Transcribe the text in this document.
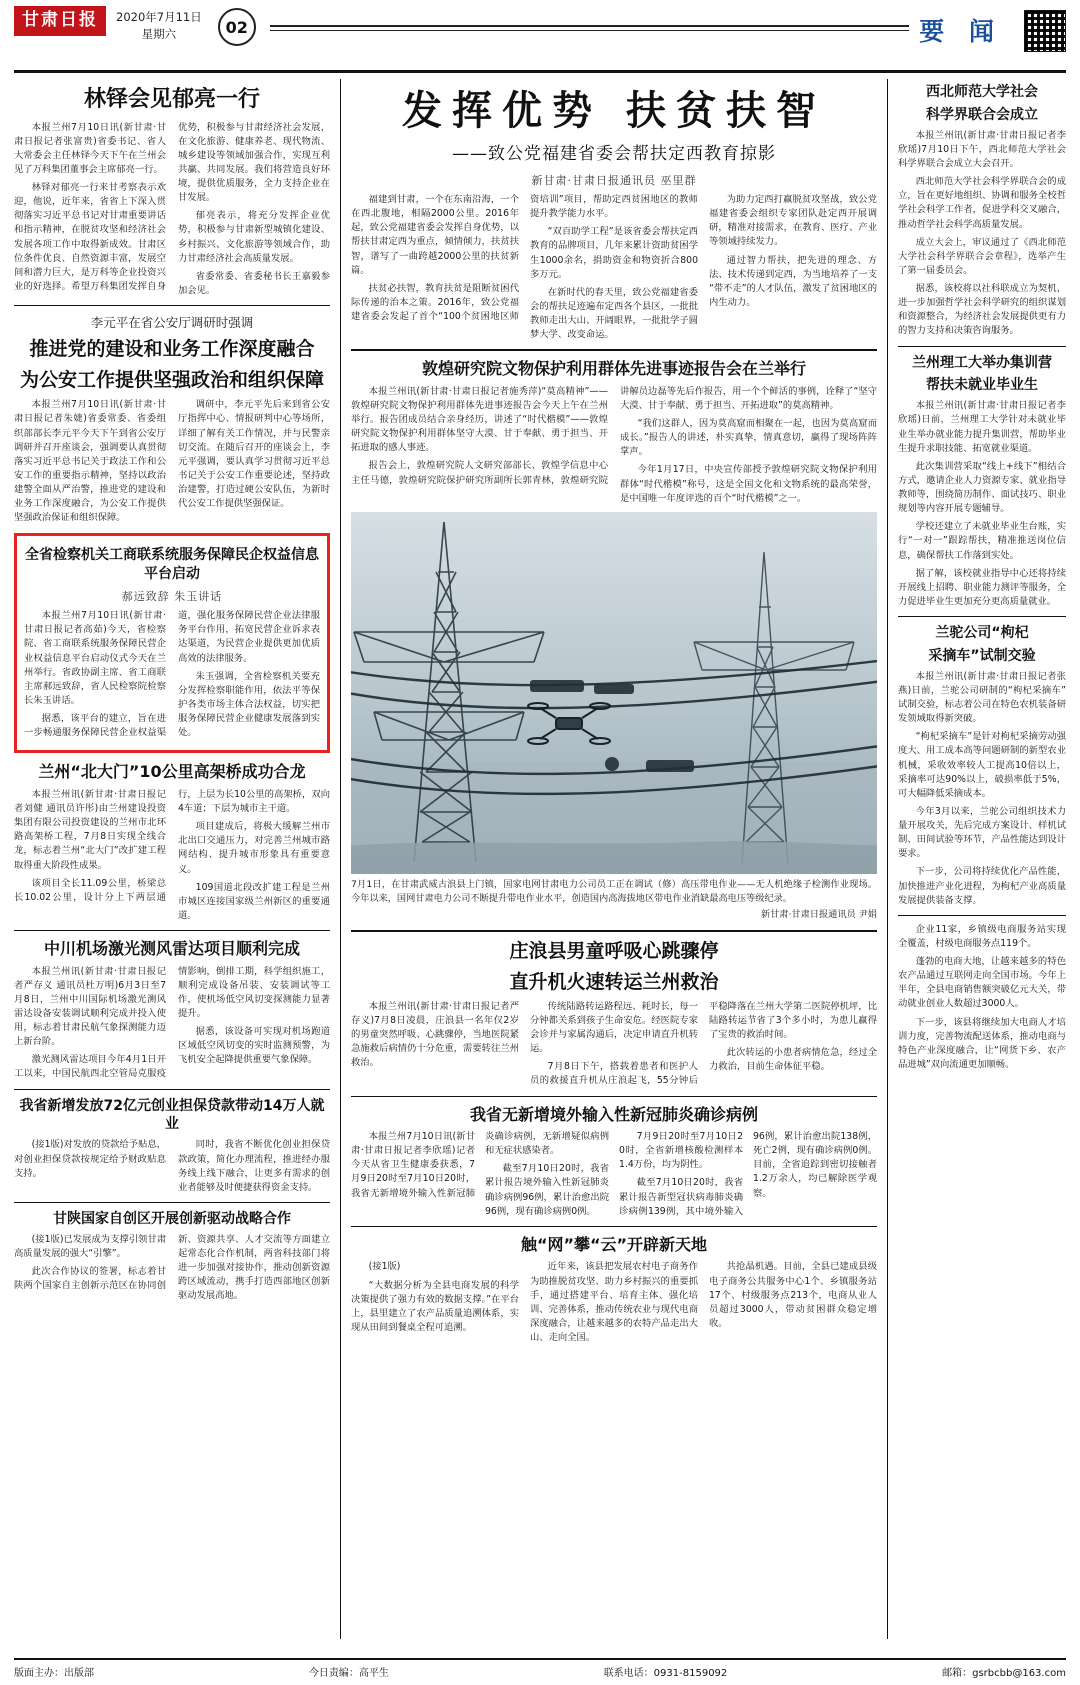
甘肃日报	2020年7月11日
星期六	02	要 闻
林铎会见郁亮一行

本报兰州7月10日讯(新甘肃·甘肃日报记者张富贵)省委书记、省人大常委会主任林铎今天下午在兰州会见了万科集团董事会主席郁亮一行。

林铎对郁亮一行来甘考察表示欢迎，他说，近年来，省省上下深入贯彻落实习近平总书记对甘肃重要讲话和指示精神，在脱贫攻坚和经济社会发展各项工作中取得新成效。甘肃区位条件优良、自然资源丰富，发展空间和潜力巨大，是万科等企业投资兴业的好选择。希望万科集团发挥自身优势，积极参与甘肃经济社会发展，在文化旅游、健康养老、现代物流、城乡建设等领域加强合作，实现互利共赢、共同发展。我们将营造良好环境，提供优质服务，全力支持企业在甘发展。

郁亮表示，将充分发挥企业优势，积极参与甘肃新型城镇化建设、乡村振兴、文化旅游等领域合作，助力甘肃经济社会高质量发展。

省委常委、省委秘书长王嘉毅参加会见。

李元平在省公安厅调研时强调
推进党的建设和业务工作深度融合
为公安工作提供坚强政治和组织保障

本报兰州7月10日讯(新甘肃·甘肃日报记者朱婕)省委常委、省委组织部部长李元平今天下午到省公安厅调研并召开座谈会，强调要认真贯彻落实习近平总书记关于政法工作和公安工作的重要指示精神，坚持以政治建警全面从严治警，推进党的建设和业务工作深度融合，为公安工作提供坚强政治保证和组织保障。

调研中，李元平先后来到省公安厅指挥中心、情报研判中心等场所，详细了解有关工作情况，并与民警亲切交流。在随后召开的座谈会上，李元平强调，要认真学习贯彻习近平总书记关于公安工作重要论述，坚持政治建警，打造过硬公安队伍，为新时代公安工作提供坚强保证。

全省检察机关工商联系统服务保障民企权益信息平台启动
郝远致辞 朱玉讲话

本报兰州7月10日讯(新甘肃·甘肃日报记者高茹)今天，省检察院、省工商联系统服务保障民营企业权益信息平台启动仪式今天在兰州举行。省政协副主席、省工商联主席郝远致辞，省人民检察院检察长朱玉讲话。

据悉，该平台的建立，旨在进一步畅通服务保障民营企业权益渠道，强化服务保障民营企业法律服务平台作用，拓宽民营企业诉求表达渠道，为民营企业提供更加优质高效的法律服务。

朱玉强调，全省检察机关要充分发挥检察职能作用，依法平等保护各类市场主体合法权益，切实把服务保障民营企业健康发展落到实处。

兰州“北大门”10公里高架桥成功合龙

本报兰州讯(新甘肃·甘肃日报记者刘健 通讯员许彤)由兰州建设投资集团有限公司投资建设的兰州市北环路高架桥工程，7月8日实现全线合龙，标志着兰州“北大门”改扩建工程取得重大阶段性成果。

该项目全长11.09公里，桥梁总长10.02公里，设计分上下两层通行，上层为长10公里的高架桥，双向4车道；下层为城市主干道。

项目建成后，将极大缓解兰州市北出口交通压力，对完善兰州城市路网结构、提升城市形象具有重要意义。

109国道北段改扩建工程是兰州市城区连接国家级兰州新区的重要通道。

中川机场激光测风雷达项目顺利完成

本报兰州讯(新甘肃·甘肃日报记者严存义 通讯员杜万明)6月3日至7月8日，兰州中川国际机场激光测风雷达设备安装调试顺利完成并投入使用，标志着甘肃民航气象探测能力迈上新台阶。

激光测风雷达项目今年4月1日开工以来，中国民航西北空管局克服疫情影响，倒排工期，科学组织施工，顺利完成设备吊装、安装调试等工作，使机场低空风切变探测能力显著提升。

据悉，该设备可实现对机场跑道区域低空风切变的实时监测预警，为飞机安全起降提供重要气象保障。

我省新增发放72亿元创业担保贷款带动14万人就业

(接1版)对发放的贷款给予贴息，对创业担保贷款按规定给予财政贴息支持。

同时，我省不断优化创业担保贷款政策，简化办理流程，推进经办服务线上线下融合，让更多有需求的创业者能够及时便捷获得资金支持。

甘陕国家自创区开展创新驱动战略合作

(接1版)已发展成为支撑引领甘肃高质量发展的强大“引擎”。

此次合作协议的签署，标志着甘陕两个国家自主创新示范区在协同创新、资源共享、人才交流等方面建立起常态化合作机制，两省科技部门将进一步加强对接协作，推动创新资源跨区域流动，携手打造西部地区创新驱动发展高地。

发挥优势 扶贫扶智
——致公党福建省委会帮扶定西教育掠影
新甘肃·甘肃日报通讯员 巫里群

福建到甘肃，一个在东南沿海，一个在西北腹地，相隔2000公里。2016年起，致公党福建省委会发挥自身优势，以帮扶甘肃定西为重点，倾情倾力，扶贫扶智，谱写了一曲跨越2000公里的扶贫新篇。

扶贫必扶智，教育扶贫是阻断贫困代际传递的治本之策。2016年，致公党福建省委会发起了首个“100个贫困地区师资培训”项目，帮助定西贫困地区的教师提升教学能力水平。

“双百助学工程”是该省委会帮扶定西教育的品牌项目，几年来累计资助贫困学生1000余名，捐助资金和物资折合800多万元。

在新时代的春天里，致公党福建省委会的帮扶足迹遍布定西各个县区，一批批教师走出大山、开阔眼界，一批批学子圆梦大学、改变命运。

为助力定西打赢脱贫攻坚战，致公党福建省委会组织专家团队赴定西开展调研，精准对接需求，在教育、医疗、产业等领域持续发力。

通过智力帮扶，把先进的理念、方法、技术传递到定西，为当地培养了一支“带不走”的人才队伍，激发了贫困地区的内生动力。

敦煌研究院文物保护利用群体先进事迹报告会在兰举行

本报兰州讯(新甘肃·甘肃日报记者施秀萍)“莫高精神”——敦煌研究院文物保护利用群体先进事迹报告会今天上午在兰州举行。报告团成员结合亲身经历，讲述了“时代楷模”——敦煌研究院文物保护利用群体坚守大漠、甘于奉献、勇于担当、开拓进取的感人事迹。

报告会上，敦煌研究院人文研究部部长、敦煌学信息中心主任马德，敦煌研究院保护研究所副所长郭青林，敦煌研究院讲解员边磊等先后作报告，用一个个鲜活的事例，诠释了“坚守大漠、甘于奉献、勇于担当、开拓进取”的莫高精神。

“我们这群人，因为莫高窟而相聚在一起，也因为莫高窟而成长。”报告人的讲述，朴实真挚，情真意切，赢得了现场阵阵掌声。

今年1月17日，中央宣传部授予敦煌研究院文物保护利用群体“时代楷模”称号，这是全国文化和文物系统的最高荣誉，是中国唯一年度评选的百个“时代楷模”之一。

7月1日，在甘肃武威古浪县上门镇，国家电网甘肃电力公司员工正在调试（修）高压带电作业——无人机绝缘子检测作业现场。今年以来，国网甘肃电力公司不断提升带电作业水平，创造国内高海拔地区带电作业消缺最高电压等级纪录。
新甘肃·甘肃日报通讯员 尹娟
庄浪县男童呼吸心跳骤停
直升机火速转运兰州救治

本报兰州讯(新甘肃·甘肃日报记者严存义)7月8日凌晨，庄浪县一名年仅2岁的男童突然呼吸、心跳骤停，当地医院紧急施救后病情仍十分危重，需要转往兰州救治。

传统陆路转运路程远、耗时长，每一分钟都关系到孩子生命安危。经医院专家会诊并与家属沟通后，决定申请直升机转运。

7月8日下午，搭载着患者和医护人员的救援直升机从庄浪起飞，55分钟后平稳降落在兰州大学第二医院停机坪，比陆路转运节省了3个多小时，为患儿赢得了宝贵的救治时间。

此次转运的小患者病情危急，经过全力救治，目前生命体征平稳。

我省无新增境外输入性新冠肺炎确诊病例

本报兰州7月10日讯(新甘肃·甘肃日报记者李欣瑶)记者今天从省卫生健康委获悉，7月9日20时至7月10日20时，我省无新增境外输入性新冠肺炎确诊病例，无新增疑似病例和无症状感染者。

截至7月10日20时，我省累计报告境外输入性新冠肺炎确诊病例96例，累计治愈出院96例，现有确诊病例0例。

7月9日20时至7月10日20时，全省新增核酸检测样本1.4万份，均为阴性。

截至7月10日20时，我省累计报告新型冠状病毒肺炎确诊病例139例，其中境外输入96例，累计治愈出院138例，死亡2例，现有确诊病例0例。目前，全省追踪到密切接触者1.2万余人，均已解除医学观察。

触“网”攀“云”开辟新天地

(接1版)

“大数据分析为全县电商发展的科学决策提供了强力有效的数据支撑。”在平台上，县里建立了农产品质量追溯体系，实现从田间到餐桌全程可追溯。

近年来，该县把发展农村电子商务作为助推脱贫攻坚、助力乡村振兴的重要抓手，通过搭建平台、培育主体、强化培训、完善体系，推动传统农业与现代电商深度融合，让越来越多的农特产品走出大山、走向全国。

共抢晶机遇。目前，全县已建成县级电子商务公共服务中心1个、乡镇服务站17个、村级服务点213个，电商从业人员超过3000人，带动贫困群众稳定增收。

西北师范大学社会
科学界联合会成立

本报兰州讯(新甘肃·甘肃日报记者李欣瑶)7月10日下午，西北师范大学社会科学界联合会成立大会召开。

西北师范大学社会科学界联合会的成立，旨在更好地组织、协调和服务全校哲学社会科学工作者，促进学科交叉融合，推动哲学社会科学高质量发展。

成立大会上，审议通过了《西北师范大学社会科学界联合会章程》，选举产生了第一届委员会。

据悉，该校将以社科联成立为契机，进一步加强哲学社会科学研究的组织谋划和资源整合，为经济社会发展提供更有力的智力支持和决策咨询服务。

兰州理工大举办集训营
帮扶未就业毕业生

本报兰州讯(新甘肃·甘肃日报记者李欣瑶)日前，兰州理工大学针对未就业毕业生举办就业能力提升集训营，帮助毕业生提升求职技能、拓宽就业渠道。

此次集训营采取“线上+线下”相结合方式，邀请企业人力资源专家、就业指导教师等，围绕简历制作、面试技巧、职业规划等内容开展专题辅导。

学校还建立了未就业毕业生台账，实行“一对一”跟踪帮扶，精准推送岗位信息，确保帮扶工作落到实处。

据了解，该校就业指导中心还将持续开展线上招聘、职业能力测评等服务，全力促进毕业生更加充分更高质量就业。

兰驼公司“枸杞
采摘车”试制交验

本报兰州讯(新甘肃·甘肃日报记者张燕)日前，兰驼公司研制的“枸杞采摘车”试制交验，标志着公司在特色农机装备研发领域取得新突破。

“枸杞采摘车”是针对枸杞采摘劳动强度大、用工成本高等问题研制的新型农业机械，采收效率较人工提高10倍以上，采摘率可达90%以上，破损率低于5%，可大幅降低采摘成本。

今年3月以来，兰驼公司组织技术力量开展攻关，先后完成方案设计、样机试制、田间试验等环节，产品性能达到设计要求。

下一步，公司将持续优化产品性能，加快推进产业化进程，为枸杞产业高质量发展提供装备支撑。

企业11家，乡镇级电商服务站实现全覆盖，村级电商服务点119个。

蓬勃的电商大地，让越来越多的特色农产品通过互联网走向全国市场。今年上半年，全县电商销售额突破亿元大关，带动就业创业人数超过3000人。

下一步，该县将继续加大电商人才培训力度，完善物流配送体系，推动电商与特色产业深度融合，让“网货下乡、农产品进城”双向流通更加顺畅。

版面主办：出版部	今日责编：高平生	联系电话：0931-8159092	邮箱：gsrbcbb@163.com
